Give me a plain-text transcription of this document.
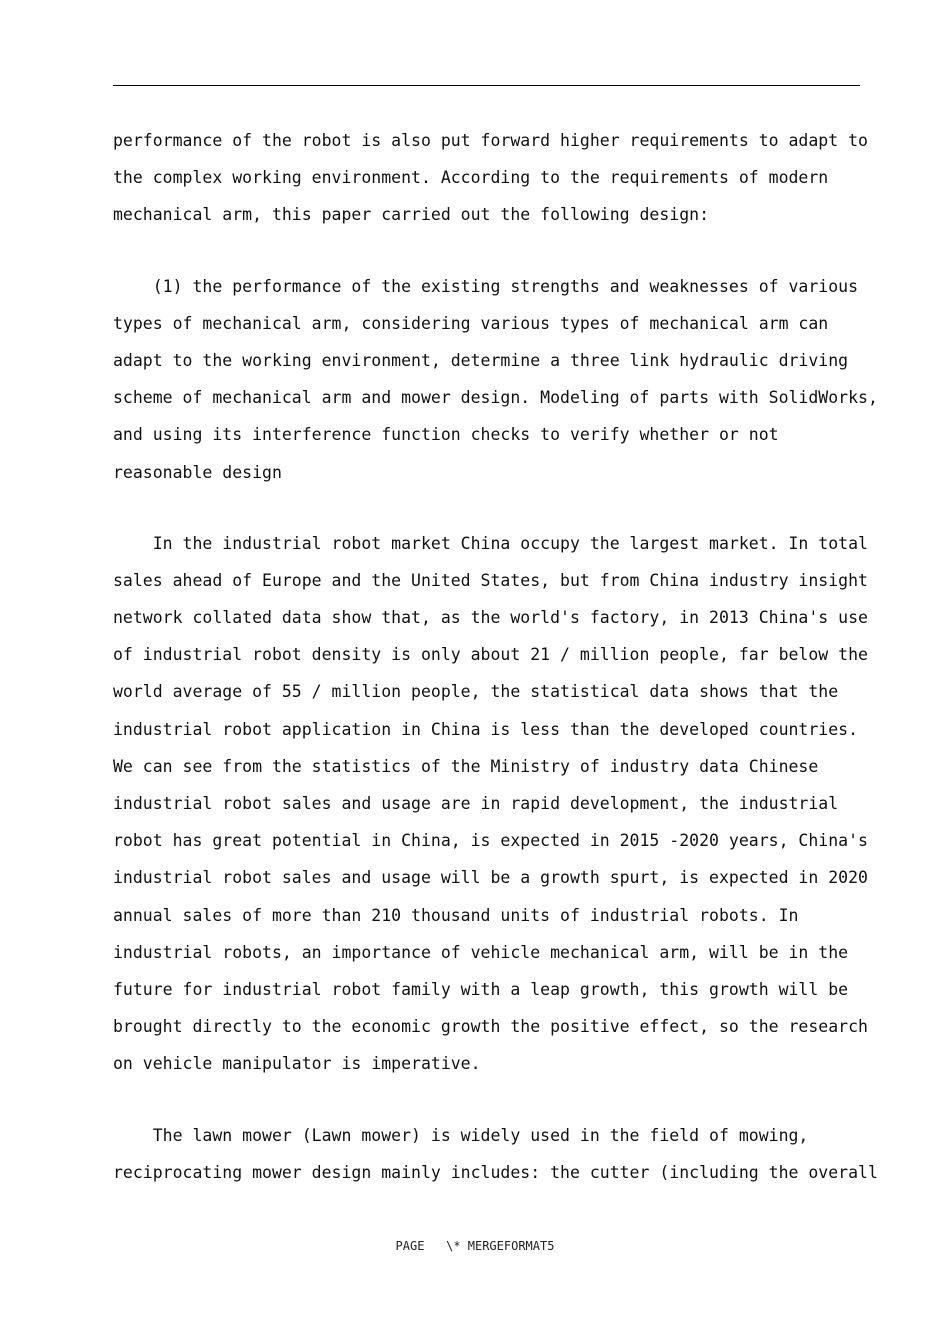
performance of the robot is also put forward higher requirements to adapt to
the complex working environment. According to the requirements of modern
mechanical arm, this paper carried out the following design:
(1) the performance of the existing strengths and weaknesses of various
types of mechanical arm, considering various types of mechanical arm can
adapt to the working environment, determine a three link hydraulic driving
scheme of mechanical arm and mower design. Modeling of parts with SolidWorks,
and using its interference function checks to verify whether or not
reasonable design
In the industrial robot market China occupy the largest market. In total
sales ahead of Europe and the United States, but from China industry insight
network collated data show that, as the world's factory, in 2013 China's use
of industrial robot density is only about 21 / million people, far below the
world average of 55 / million people, the statistical data shows that the
industrial robot application in China is less than the developed countries.
We can see from the statistics of the Ministry of industry data Chinese
industrial robot sales and usage are in rapid development, the industrial
robot has great potential in China, is expected in 2015 -2020 years, China's
industrial robot sales and usage will be a growth spurt, is expected in 2020
annual sales of more than 210 thousand units of industrial robots. In
industrial robots, an importance of vehicle mechanical arm, will be in the
future for industrial robot family with a leap growth, this growth will be
brought directly to the economic growth the positive effect, so the research
on vehicle manipulator is imperative.
The lawn mower (Lawn mower) is widely used in the field of mowing,
reciprocating mower design mainly includes: the cutter (including the overall
PAGE   \* MERGEFORMAT5
